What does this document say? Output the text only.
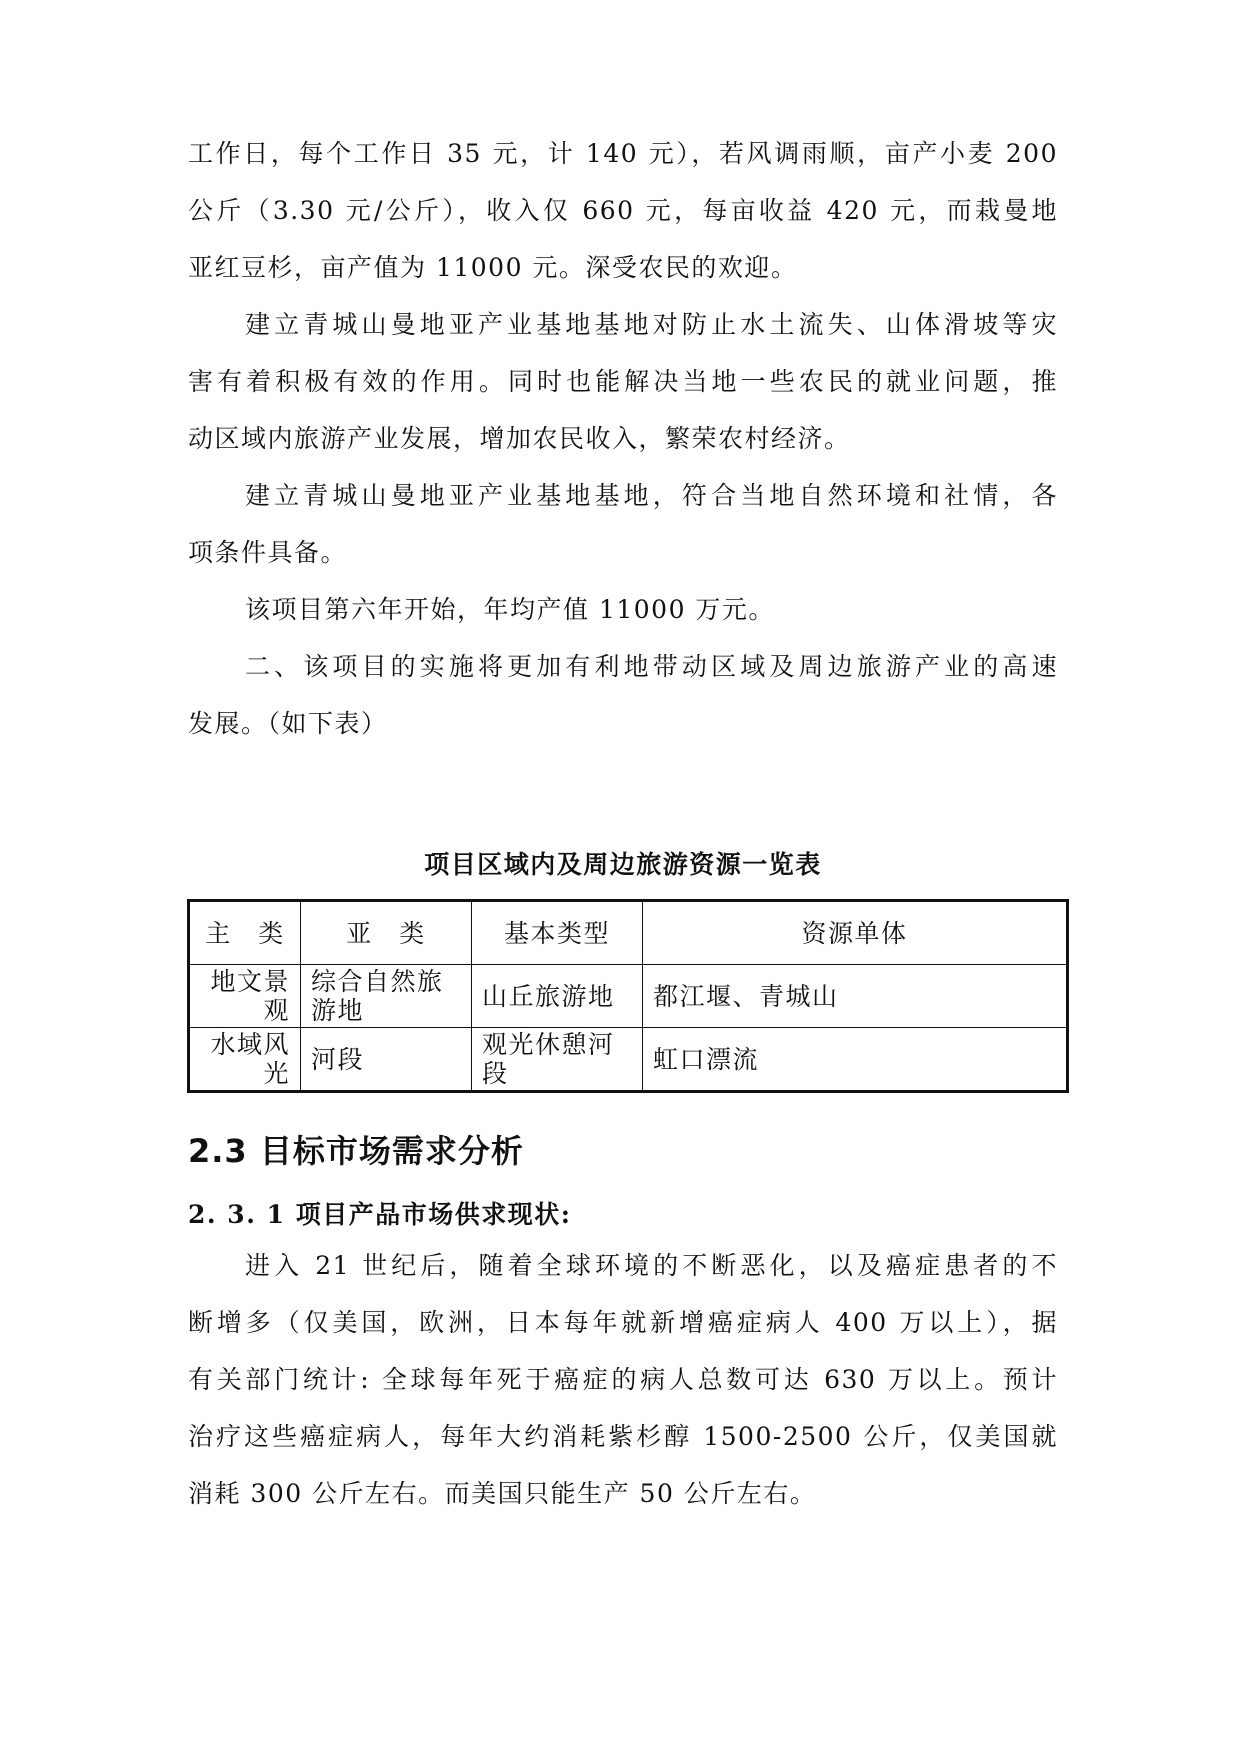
工作日，每个工作日 35 元，计 140 元），若风调雨顺，亩产小麦 200
公斤（3.30 元/公斤），收入仅 660 元，每亩收益 420 元，而栽曼地
亚红豆杉，亩产值为 11000 元。深受农民的欢迎。
建立青城山曼地亚产业基地基地对防止水土流失、山体滑坡等灾
害有着积极有效的作用。同时也能解决当地一些农民的就业问题，推
动区域内旅游产业发展，增加农民收入，繁荣农村经济。
建立青城山曼地亚产业基地基地，符合当地自然环境和社情，各
项条件具备。
该项目第六年开始，年均产值 11000 万元。
二、该项目的实施将更加有利地带动区域及周边旅游产业的高速
发展。（如下表）
项目区域内及周边旅游资源一览表
主　类	亚　类	基本类型	资源单体
地文景观	综合自然旅游地	山丘旅游地	都江堰、青城山
水域风光	河段	观光休憩河段	虹口漂流
2.3 目标市场需求分析
2. 3. 1 项目产品市场供求现状:
进入 21 世纪后，随着全球环境的不断恶化，以及癌症患者的不
断增多（仅美国，欧洲，日本每年就新增癌症病人 400 万以上），据
有关部门统计: 全球每年死于癌症的病人总数可达 630 万以上。预计
治疗这些癌症病人，每年大约消耗紫杉醇 1500-2500 公斤，仅美国就
消耗 300 公斤左右。而美国只能生产 50 公斤左右。
